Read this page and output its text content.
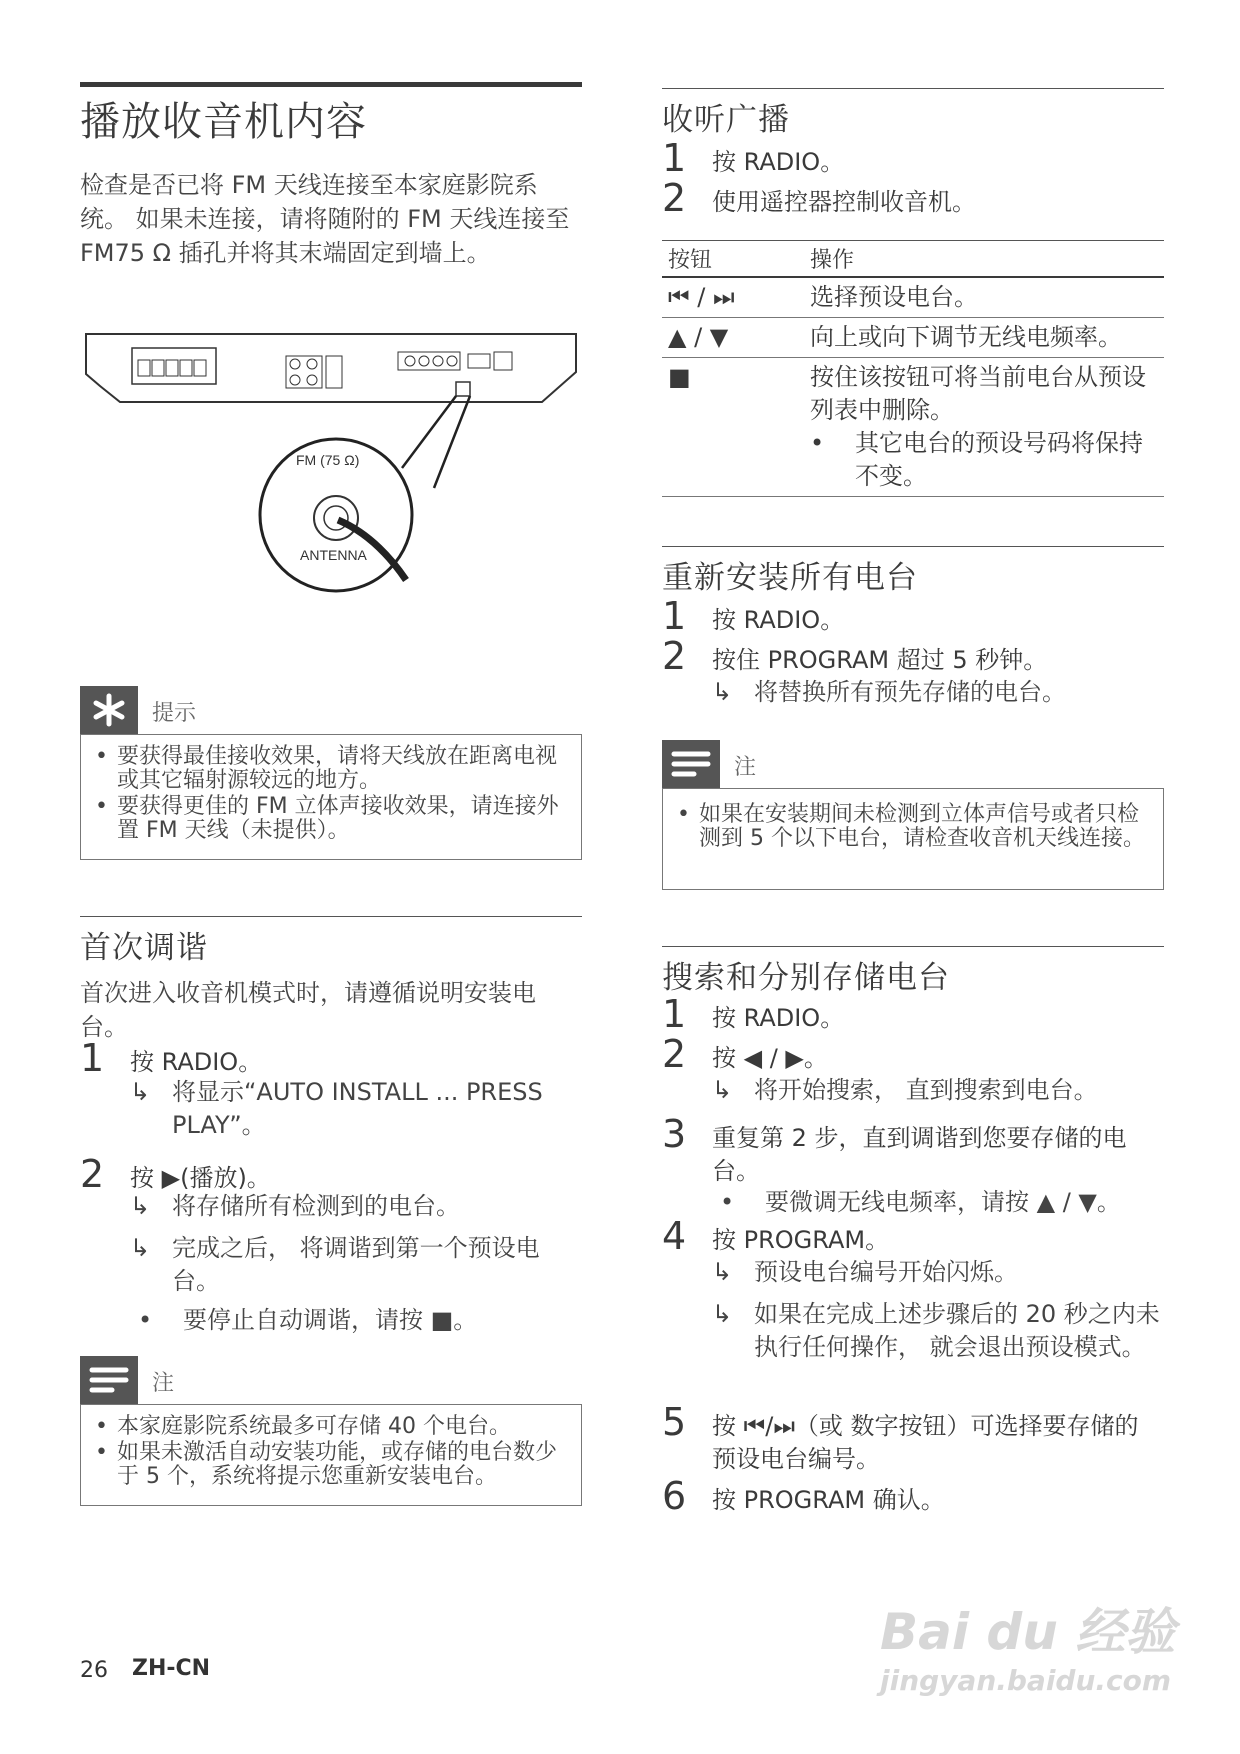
播放收音机内容

检查是否已将 FM 天线连接至本家庭影院系统。 如果未连接，请将随附的 FM 天线连接至 FM75 Ω 插孔并将其末端固定到墙上。

FM (75 Ω)
ANTENNA
提示
• 要获得最佳接收效果，请将天线放在距离电视或其它辐射源较远的地方。
• 要获得更佳的 FM 立体声接收效果，请连接外置 FM 天线（未提供）。
首次调谐

首次进入收音机模式时，请遵循说明安装电台。

1 按 RADIO。
↳ 将显示“AUTO INSTALL ... PRESS PLAY”。
2 按 ▶(播放)。
↳ 将存储所有检测到的电台。
↳ 完成之后， 将调谐到第一个预设电台。
• 要停止自动调谐，请按 ■。
注
• 本家庭影院系统最多可存储 40 个电台。
• 如果未激活自动安装功能，或存储的电台数少于 5 个，系统将提示您重新安装电台。
收听广播
1 按 RADIO。
2 使用遥控器控制收音机。
按钮	操作
⏮ / ⏭	选择预设电台。
▲ / ▼	向上或向下调节无线电频率。
■	按住该按钮可将当前电台从预设列表中删除。
• 其它电台的预设号码将保持不变。
重新安装所有电台
1 按 RADIO。
2 按住 PROGRAM 超过 5 秒钟。
↳ 将替换所有预先存储的电台。
注
• 如果在安装期间未检测到立体声信号或者只检测到 5 个以下电台，请检查收音机天线连接。
搜索和分别存储电台
1 按 RADIO。
2 按 ◀ / ▶。
↳ 将开始搜索， 直到搜索到电台。
3 重复第 2 步，直到调谐到您要存储的电台。
• 要微调无线电频率，请按 ▲ / ▼。
4 按 PROGRAM。
↳ 预设电台编号开始闪烁。
↳ 如果在完成上述步骤后的 20 秒之内未执行任何操作， 就会退出预设模式。
5 按 ⏮/⏭（或 数字按钮）可选择要存储的预设电台编号。
6 按 PROGRAM 确认。
26 ZH-CN
Bai du 经验
jingyan.baidu.com
